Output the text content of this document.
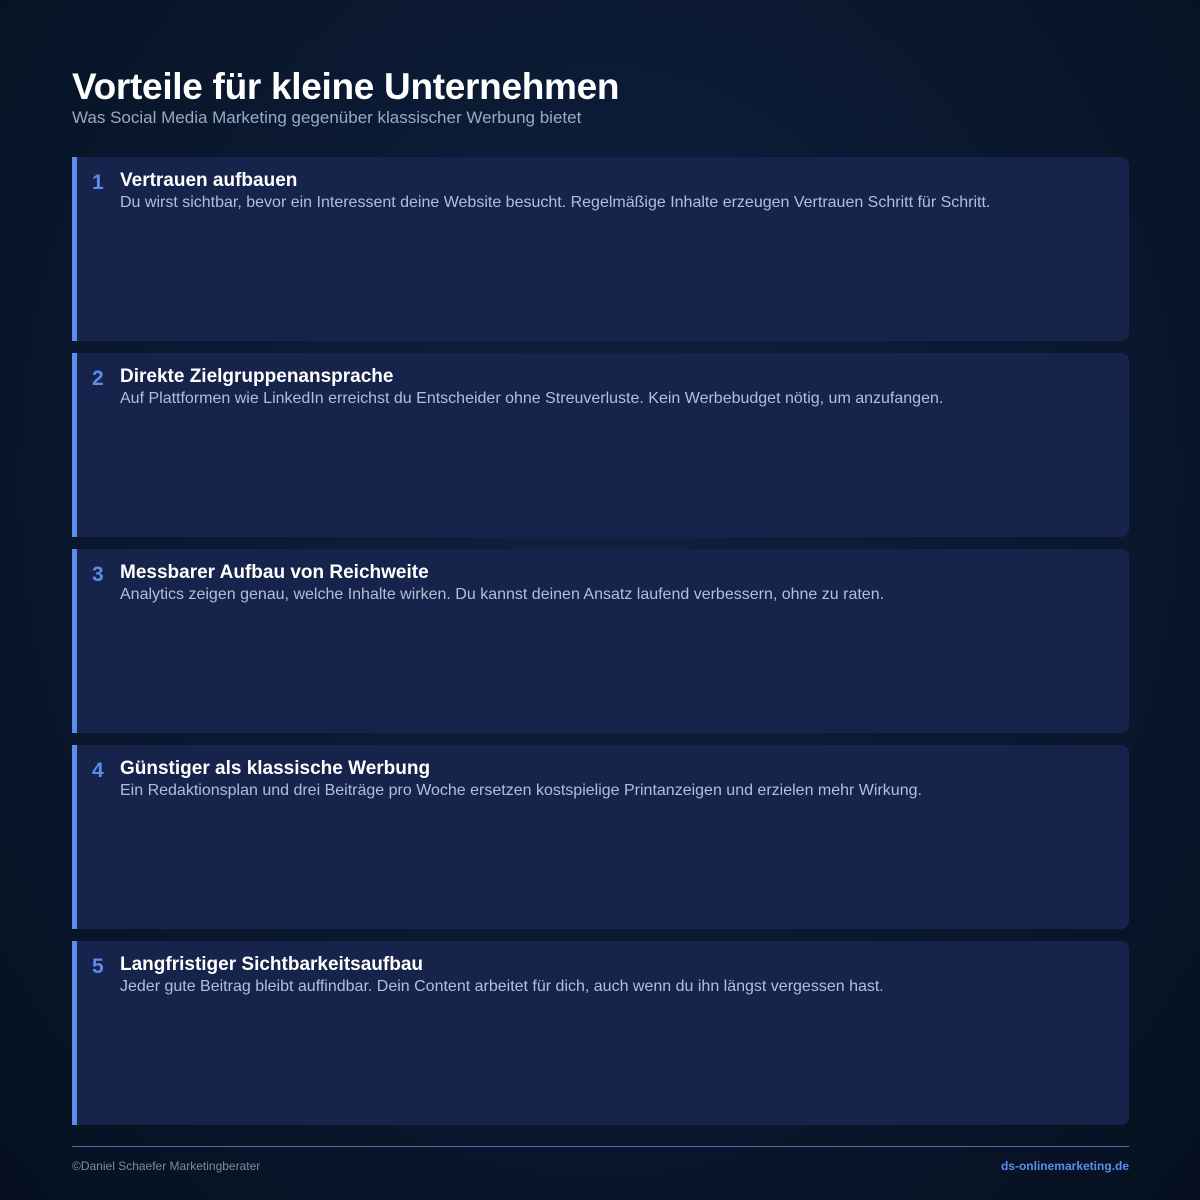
Vorteile für kleine Unternehmen

Was Social Media Marketing gegenüber klassischer Werbung bietet

1 Vertrauen aufbauen
Du wirst sichtbar, bevor ein Interessent deine Website besucht. Regelmäßige Inhalte erzeugen Vertrauen Schritt für Schritt.
2 Direkte Zielgruppenansprache
Auf Plattformen wie LinkedIn erreichst du Entscheider ohne Streuverluste. Kein Werbebudget nötig, um anzufangen.
3 Messbarer Aufbau von Reichweite
Analytics zeigen genau, welche Inhalte wirken. Du kannst deinen Ansatz laufend verbessern, ohne zu raten.
4 Günstiger als klassische Werbung
Ein Redaktionsplan und drei Beiträge pro Woche ersetzen kostspielige Printanzeigen und erzielen mehr Wirkung.
5 Langfristiger Sichtbarkeitsaufbau
Jeder gute Beitrag bleibt auffindbar. Dein Content arbeitet für dich, auch wenn du ihn längst vergessen hast.
©Daniel Schaefer Marketingberater	ds-onlinemarketing.de
